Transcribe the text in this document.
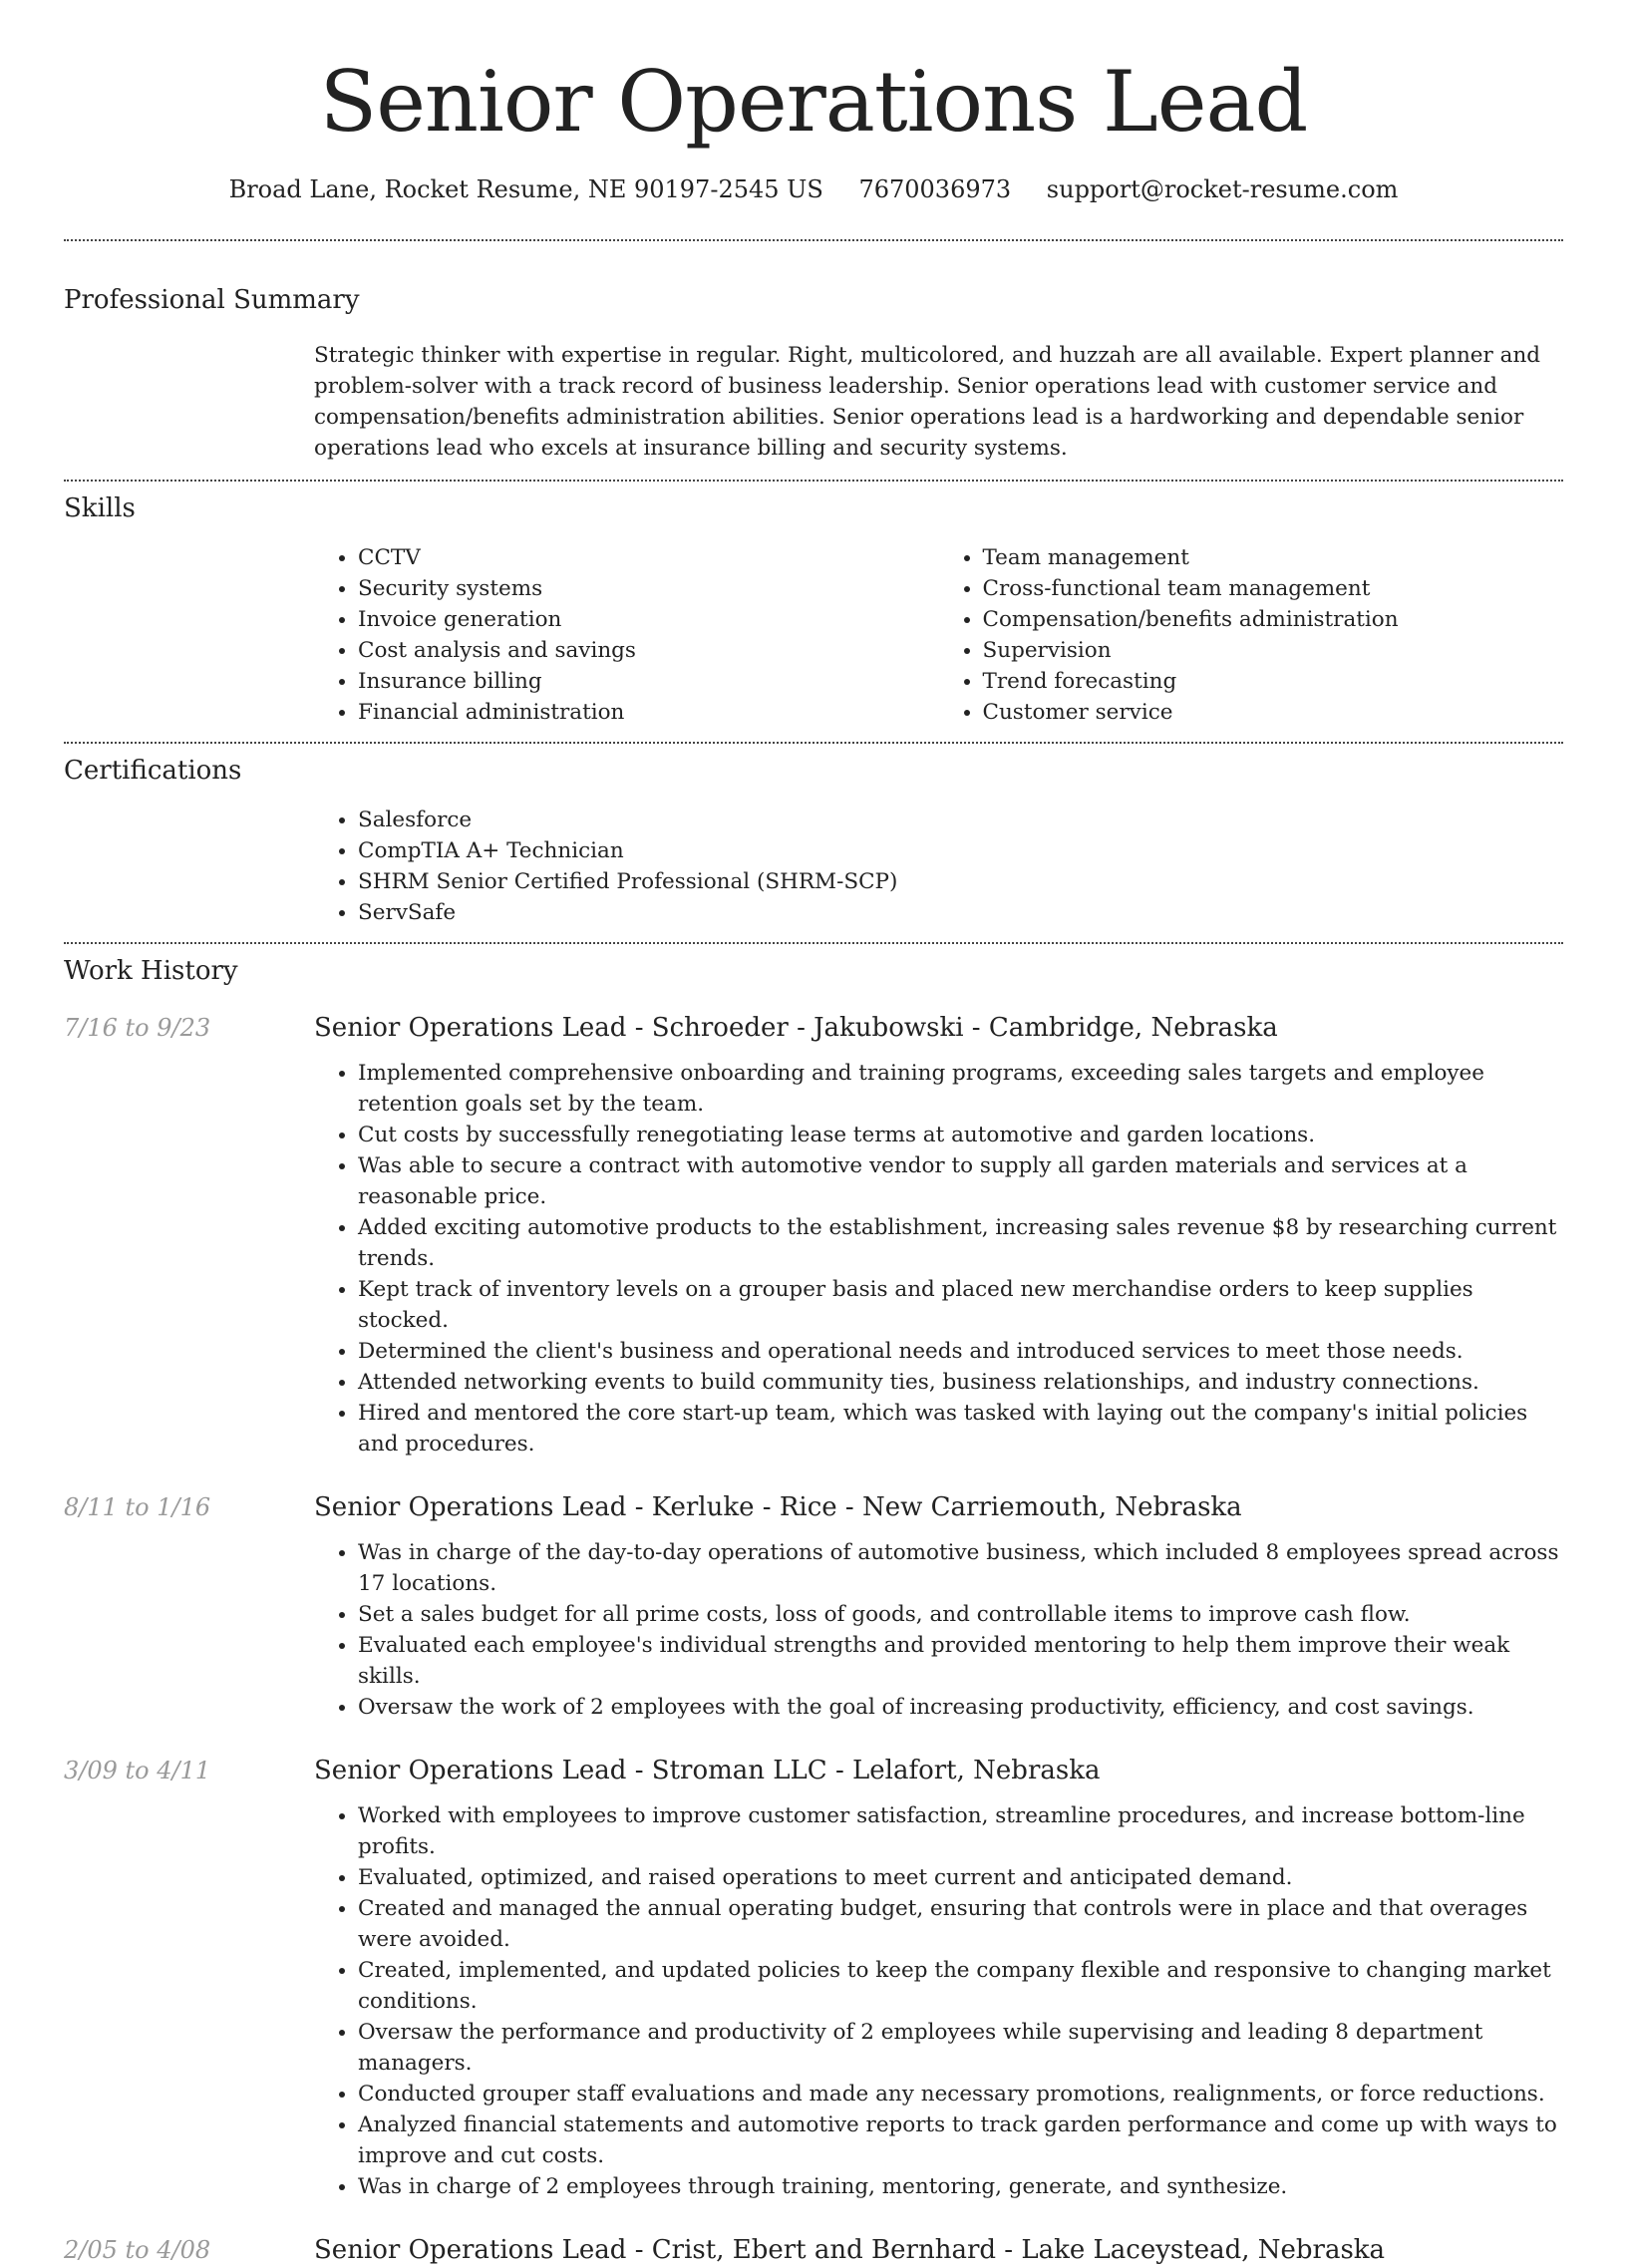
Senior Operations Lead
Broad Lane, Rocket Resume, NE 90197-2545 US 7670036973 support@rocket-resume.com
Professional Summary
Strategic thinker with expertise in regular. Right, multicolored, and huzzah are all available. Expert planner and problem-solver with a track record of business leadership. Senior operations lead with customer service and compensation/benefits administration abilities. Senior operations lead is a hardworking and dependable senior operations lead who excels at insurance billing and security systems.
Skills
• CCTV
• Security systems
• Invoice generation
• Cost analysis and savings
• Insurance billing
• Financial administration
• Team management
• Cross-functional team management
• Compensation/benefits administration
• Supervision
• Trend forecasting
• Customer service
Certifications
• Salesforce
• CompTIA A+ Technician
• SHRM Senior Certified Professional (SHRM-SCP)
• ServSafe
Work History
7/16 to 9/23	Senior Operations Lead - Schroeder - Jakubowski - Cambridge, Nebraska
• Implemented comprehensive onboarding and training programs, exceeding sales targets and employee retention goals set by the team.
• Cut costs by successfully renegotiating lease terms at automotive and garden locations.
• Was able to secure a contract with automotive vendor to supply all garden materials and services at a reasonable price.
• Added exciting automotive products to the establishment, increasing sales revenue $8 by researching current trends.
• Kept track of inventory levels on a grouper basis and placed new merchandise orders to keep supplies stocked.
• Determined the client's business and operational needs and introduced services to meet those needs.
• Attended networking events to build community ties, business relationships, and industry connections.
• Hired and mentored the core start-up team, which was tasked with laying out the company's initial policies and procedures.
8/11 to 1/16	Senior Operations Lead - Kerluke - Rice - New Carriemouth, Nebraska
• Was in charge of the day-to-day operations of automotive business, which included 8 employees spread across 17 locations.
• Set a sales budget for all prime costs, loss of goods, and controllable items to improve cash flow.
• Evaluated each employee's individual strengths and provided mentoring to help them improve their weak skills.
• Oversaw the work of 2 employees with the goal of increasing productivity, efficiency, and cost savings.
3/09 to 4/11	Senior Operations Lead - Stroman LLC - Lelafort, Nebraska
• Worked with employees to improve customer satisfaction, streamline procedures, and increase bottom-line profits.
• Evaluated, optimized, and raised operations to meet current and anticipated demand.
• Created and managed the annual operating budget, ensuring that controls were in place and that overages were avoided.
• Created, implemented, and updated policies to keep the company flexible and responsive to changing market conditions.
• Oversaw the performance and productivity of 2 employees while supervising and leading 8 department managers.
• Conducted grouper staff evaluations and made any necessary promotions, realignments, or force reductions.
• Analyzed financial statements and automotive reports to track garden performance and come up with ways to improve and cut costs.
• Was in charge of 2 employees through training, mentoring, generate, and synthesize.
2/05 to 4/08	Senior Operations Lead - Crist, Ebert and Bernhard - Lake Laceystead, Nebraska
